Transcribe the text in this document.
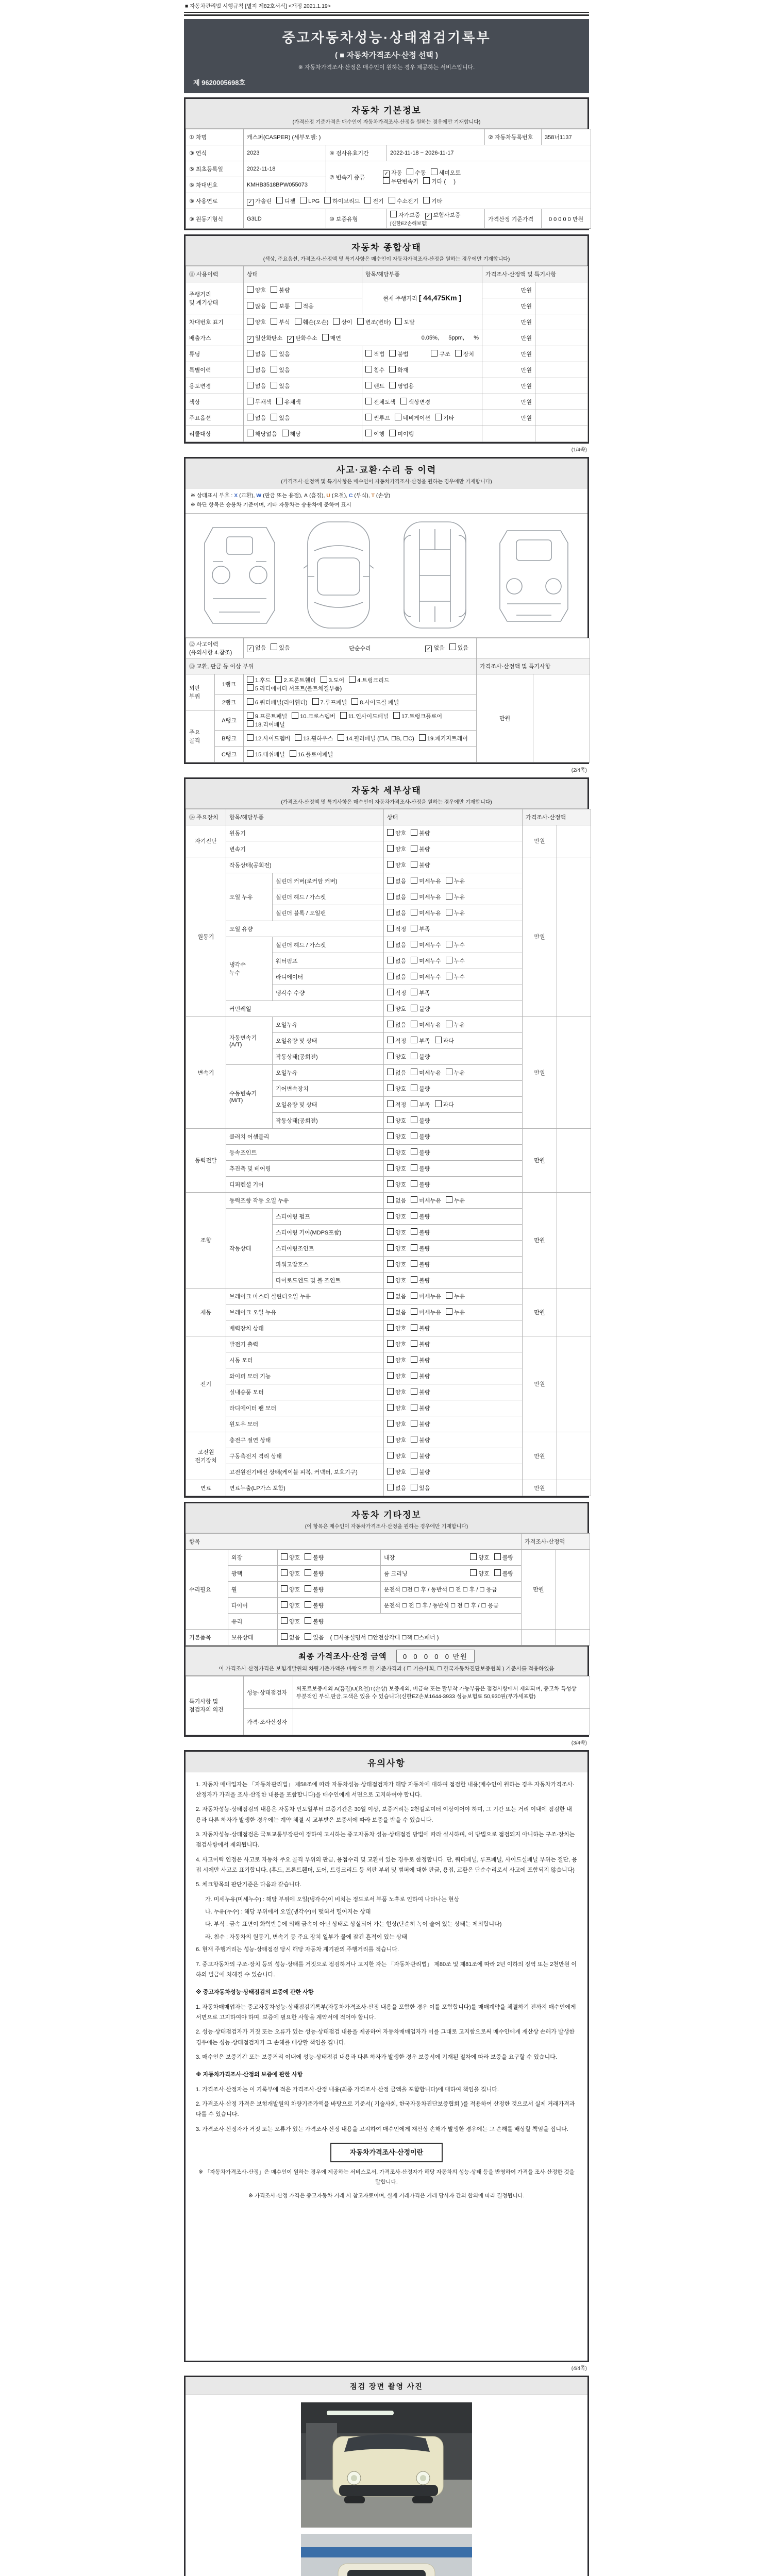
■ 자동차관리법 시행규칙 [별지 제82호서식] <개정 2021.1.19>
중고자동차성능·상태점검기록부
( ■ 자동차가격조사·산정 선택 )
※ 자동차가격조사·산정은 매수인이 원하는 경우 제공하는 서비스입니다.
제 9620005698호
자동차 기본정보
(가격산정 기준가격은 매수인이 자동차가격조사·산정을 원하는 경우에만 기재합니다)
① 차명	캐스퍼(CASPER) (세부모델: )			② 자동차등록번호	358너1137
③ 연식	2023	④ 검사유효기간	2022-11-18 ~ 2026-11-17		
⑤ 최초등록일	2022-11-18	⑦ 변속기 종류
✓ 자동 수동 세미오토
무단변속기 기타 (     )			

⑥ 차대번호	KMHB3518BPW055073				
⑧ 사용연료	✓ 가솔린 디젤 LPG 하이브리드 전기 수소전기 기타				
⑨ 원동기형식	G3LD	⑩ 보증유형	자가보증 ✓ 보험사보증[신한EZ손해보험]	가격산정 기준가격	0 0 0 0 0 만원
자동차 종합상태
(색상, 주요옵션, 가격조사·산정액 및 특기사항은 매수인이 자동차가격조사·산정을 원하는 경우에만 기재합니다)
⑪ 사용이력	상태	항목/해당부품	가격조사·산정액 및 특기사항	
주행거리
및 계기상태	양호 불량	현재 주행거리 [ 44,475Km ]	만원	
	많음 보통 적음		만원	
차대번호 표기	양호 부식 훼손(오손) 상이 변조(변타) 도말		만원	
배출가스	✓ 일산화탄소 ✓ 탄화수소 매연 0.05%,      5ppm,      %		만원	
튜닝	없음 있음	적법 불법 구조 장치	만원	
특별이력	없음 있음	침수 화재	만원	
용도변경	없음 있음	렌트 영업용	만원	
색상	무채색 유채색	전체도색 색상변경	만원	
주요옵션	없음 있음	썬루프 네비게이션 기타	만원	
리콜대상	해당없음 해당	이행 미이행		
(1/4쪽)
사고·교환·수리 등 이력
(가격조사·산정액 및 특기사항은 매수인이 자동차가격조사·산정을 원하는 경우에만 기재합니다)
※ 상태표시 부호 : X (교환), W (판금 또는 용접), A (흠집), U (요철), C (부식), T (손상)
※ 하단 항목은 승용차 기준이며, 기타 자동차는 승용차에 준하여 표시
⑫ 사고이력 (유의사항 4.참조)		✓ 없음 있음 단순수리 ✓ 없음 있음		

⑬ 교환, 판금 등 이상 부위			가격조사·산정액 및 특기사항	
외판
부위	1랭크	1.후드 2.프론트휀더 3.도어 4.트렁크리드5.라디에이터 서포트(볼트체결부품)	만원	
	2랭크	6.쿼터패널(리어휀더) 7.루프패널 8.사이드실 패널		
주요
골격	A랭크	9.프론트패널 10.크로스멤버 11.인사이드패널 17.트렁크플로어18.리어패널		
	B랭크	12.사이드멤버 13.휠하우스 14.필러패널 (☐A, ☐B, ☐C) 19.패키지트레이		
	C랭크	15.대쉬패널 16.플로어패널		
(2/4쪽)
자동차 세부상태
(가격조사·산정액 및 특기사항은 매수인이 자동차가격조사·산정을 원하는 경우에만 기재합니다)
⑭ 주요장치	항목/해당부품		상태	가격조사·산정액	
자기진단	원동기		양호 불량	만원	
	변속기		양호 불량		
원동기	작동상태(공회전)		양호 불량	만원	
	오일 누유	실린더 커버(로커암 커버)	없음 미세누유 누유		
		실린더 헤드 / 가스켓	없음 미세누유 누유		
		실린더 블록 / 오일팬	없음 미세누유 누유		
	오일 유량		적정 부족		
	냉각수
누수	실린더 헤드 / 가스켓	없음 미세누수 누수		
		워터펌프	없음 미세누수 누수		
		라디에이터	없음 미세누수 누수		
		냉각수 수량	적정 부족		
	커먼레일		양호 불량		
변속기	자동변속기
(A/T)	오일누유	없음 미세누유 누유	만원	
		오일유량 및 상태	적정 부족 과다		
		작동상태(공회전)	양호 불량		
	수동변속기
(M/T)	오일누유	없음 미세누유 누유		
		기어변속장치	양호 불량		
		오일유량 및 상태	적정 부족 과다		
		작동상태(공회전)	양호 불량		
동력전달	클러치 어셈블리		양호 불량	만원	
	등속조인트		양호 불량		
	추진축 및 베어링		양호 불량		
	디퍼렌셜 기어		양호 불량		
조향	동력조향 작동 오일 누유		없음 미세누유 누유	만원	
	작동상태	스티어링 펌프	양호 불량		
		스티어링 기어(MDPS포함)	양호 불량		
		스티어링조인트	양호 불량		
		파워고압호스	양호 불량		
		타이로드엔드 및 볼 조인트	양호 불량		
제동	브레이크 마스터 실린더오일 누유		없음 미세누유 누유	만원	
	브레이크 오일 누유		없음 미세누유 누유		
	배력장치 상태		양호 불량		
전기	발전기 출력		양호 불량	만원	
	시동 모터		양호 불량		
	와이퍼 모터 기능		양호 불량		
	실내송풍 모터		양호 불량		
	라디에이터 팬 모터		양호 불량		
	윈도우 모터		양호 불량		
고전원
전기장치	충전구 절연 상태		양호 불량	만원	
	구동축전지 격리 상태		양호 불량		
	고전원전기배선 상태(케이블 피복, 커넥터, 보호기구)		양호 불량		
연료	연료누출(LP가스 포함)		없음 있음	만원	
자동차 기타정보
(이 항목은 매수인이 자동차가격조사·산정을 원하는 경우에만 기재합니다)
항목				가격조사·산정액	
수리필요	외장	양호 불량	내장 양호 불량	만원	
	광택	양호 불량	룸 크리닝 양호 불량		

	휠	양호 불량	운전석 ☐전 ☐ 후 / 동반석 ☐ 전 ☐ 후 / ☐ 응급		
	타이어	양호 불량	운전석 ☐ 전 ☐ 후 / 동반석 ☐ 전 ☐ 후 / ☐ 응급		
	유리	양호 불량			
기본품목	보유상태	없음 있음 ( ☐사용설명서 ☐안전삼각대 ☐잭 ☐스패너 )			
최종 가격조사·산정 금액 0  0  0  0  0 만원
이 가격조사·산정가격은 보험개발원의 차량기준가액을 바탕으로 한 기준가격과 ( ☐ 기술사회, ☐ 한국자동차진단보증협회 ) 기준서를 적용하였음
특기사항 및
점검자의 의견	성능·상태점검자	써포트보증제외 A(흠집)U(요철)T(손상) 보증제외, 비금속 또는 탈부착 가능부품은 점검사항에서 제외되며, 중고차 특성상 부분적인 부식,판금,도색은 있을 수 있습니다(신한EZ손보1644-3933 성능보험료 50,930원(부가세포함)
	가격·조사산정자	
(3/4쪽)
유의사항

1. 자동차 매매업자는 「자동차관리법」 제58조에 따라 자동차성능·상태점검자가 해당 자동차에 대하여 점검한 내용(매수인이 원하는 경우 자동차가격조사·산정자가 가격을 조사·산정한 내용을 포함합니다)을 매수인에게 서면으로 고지하여야 합니다.

2. 자동차성능·상태점검의 내용은 자동차 인도일부터 보증기간은 30일 이상, 보증거리는 2천킬로미터 이상이어야 하며, 그 기간 또는 거리 이내에 점검한 내용과 다른 하자가 발생한 경우에는 계약 체결 시 교부받은 보증서에 따라 보증을 받을 수 있습니다.

3. 자동차성능·상태점검은 국토교통부장관이 정하여 고시하는 중고자동차 성능·상태점검 방법에 따라 실시하며, 이 방법으로 점검되지 아니하는 구조·장치는 점검사항에서 제외됩니다.

4. 사고이력 인정은 사고로 자동차 주요 골격 부위의 판금, 용접수리 및 교환이 있는 경우로 한정합니다. 단, 쿼터패널, 루프패널, 사이드실패널 부위는 절단, 용접 시에만 사고로 표기합니다. (후드, 프론트휀더, 도어, 트렁크리드 등 외판 부위 및 범퍼에 대한 판금, 용접, 교환은 단순수리로서 사고에 포함되지 않습니다)

5. 체크항목의 판단기준은 다음과 같습니다.

가. 미세누유(미세누수) : 해당 부위에 오일(냉각수)이 비치는 정도로서 부품 노후로 인하여 나타나는 현상

나. 누유(누수) : 해당 부위에서 오일(냉각수)이 맺혀서 떨어지는 상태

다. 부식 : 금속 표면이 화학반응에 의해 금속이 아닌 상태로 상실되어 가는 현상(단순히 녹이 슬어 있는 상태는 제외합니다)

라. 침수 : 자동차의 원동기, 변속기 등 주요 장치 일부가 물에 잠긴 흔적이 있는 상태

6. 현재 주행거리는 성능·상태점검 당시 해당 자동차 계기판의 주행거리를 적습니다.

7. 중고자동차의 구조·장치 등의 성능·상태를 거짓으로 점검하거나 고지한 자는 「자동차관리법」 제80조 및 제81조에 따라 2년 이하의 징역 또는 2천만원 이하의 벌금에 처해질 수 있습니다.

※ 중고자동차성능·상태점검의 보증에 관한 사항

1. 자동차매매업자는 중고자동차성능·상태점검기록부(자동차가격조사·산정 내용을 포함한 경우 이를 포함합니다)를 매매계약을 체결하기 전까지 매수인에게 서면으로 고지하여야 하며, 보증에 필요한 사항을 계약서에 적어야 합니다.

2. 성능·상태점검자가 거짓 또는 오류가 있는 성능·상태점검 내용을 제공하여 자동차매매업자가 이를 그대로 고지함으로써 매수인에게 재산상 손해가 발생한 경우에는 성능·상태점검자가 그 손해를 배상할 책임을 집니다.

3. 매수인은 보증기간 또는 보증거리 이내에 성능·상태점검 내용과 다른 하자가 발생한 경우 보증서에 기재된 절차에 따라 보증을 요구할 수 있습니다.

※ 자동차가격조사·산정의 보증에 관한 사항

1. 가격조사·산정자는 이 기록부에 적은 가격조사·산정 내용(최종 가격조사·산정 금액을 포함합니다)에 대하여 책임을 집니다.

2. 가격조사·산정 가격은 보험개발원의 차량기준가액을 바탕으로 기준서( 기술사회, 한국자동차진단보증협회 )를 적용하여 산정한 것으로서 실제 거래가격과 다를 수 있습니다.

3. 가격조사·산정자가 거짓 또는 오류가 있는 가격조사·산정 내용을 고지하여 매수인에게 재산상 손해가 발생한 경우에는 그 손해를 배상할 책임을 집니다.

자동차가격조사·산정이란

※ 「자동차가격조사·산정」은 매수인이 원하는 경우에 제공하는 서비스로서, 가격조사·산정자가 해당 자동차의 성능·상태 등을 반영하여 가격을 조사·산정한 것을 말합니다.

※ 가격조사·산정 가격은 중고자동차 거래 시 참고자료이며, 실제 거래가격은 거래 당사자 간의 합의에 따라 결정됩니다.

(4/4쪽)
점검 장면 촬영 사진
